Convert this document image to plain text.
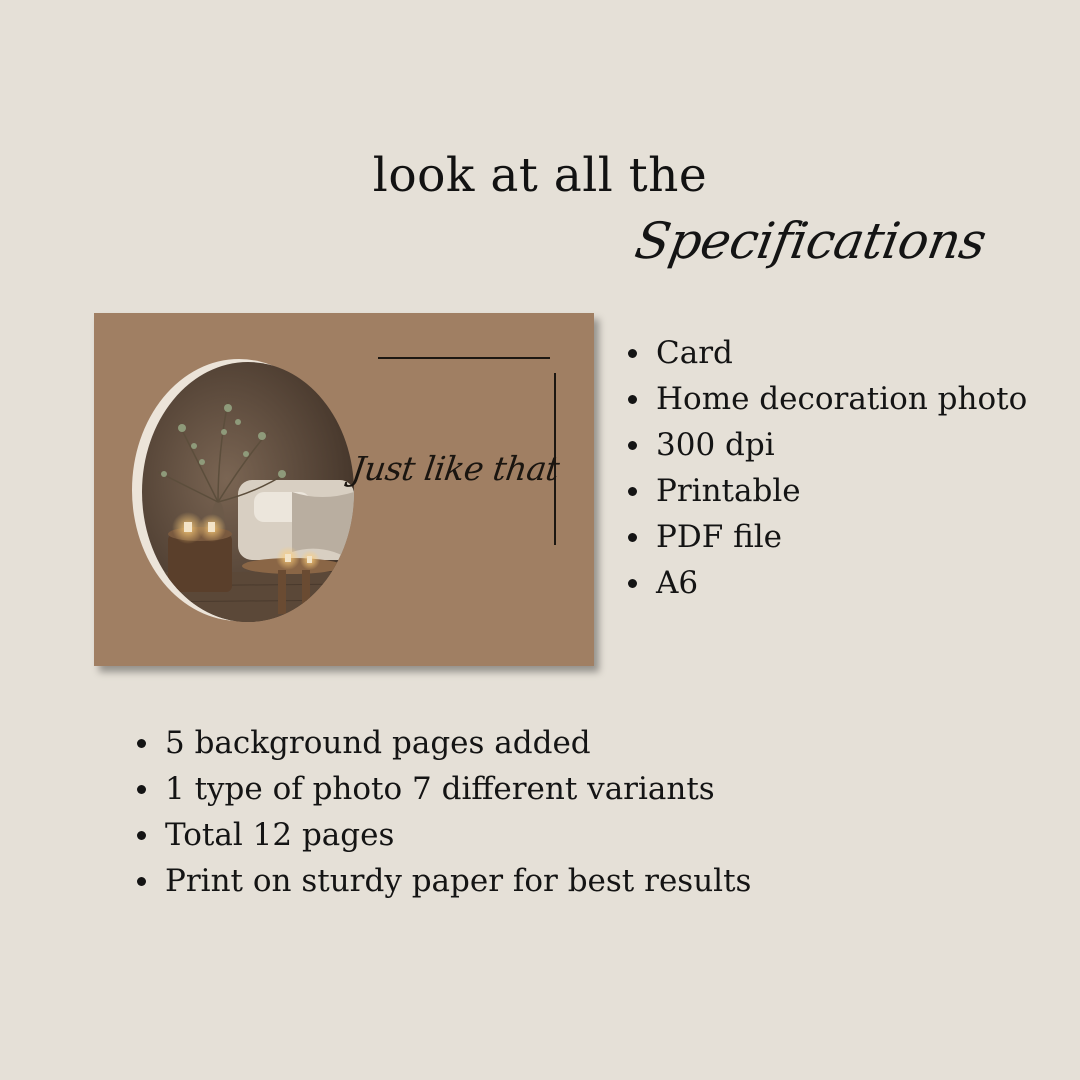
look at all the
Specifications
Just like that
Card
Home decoration photo
300 dpi
Printable
PDF file
A6
5 background pages added
1 type of photo 7 different variants
Total 12 pages
Print on sturdy paper for best results
